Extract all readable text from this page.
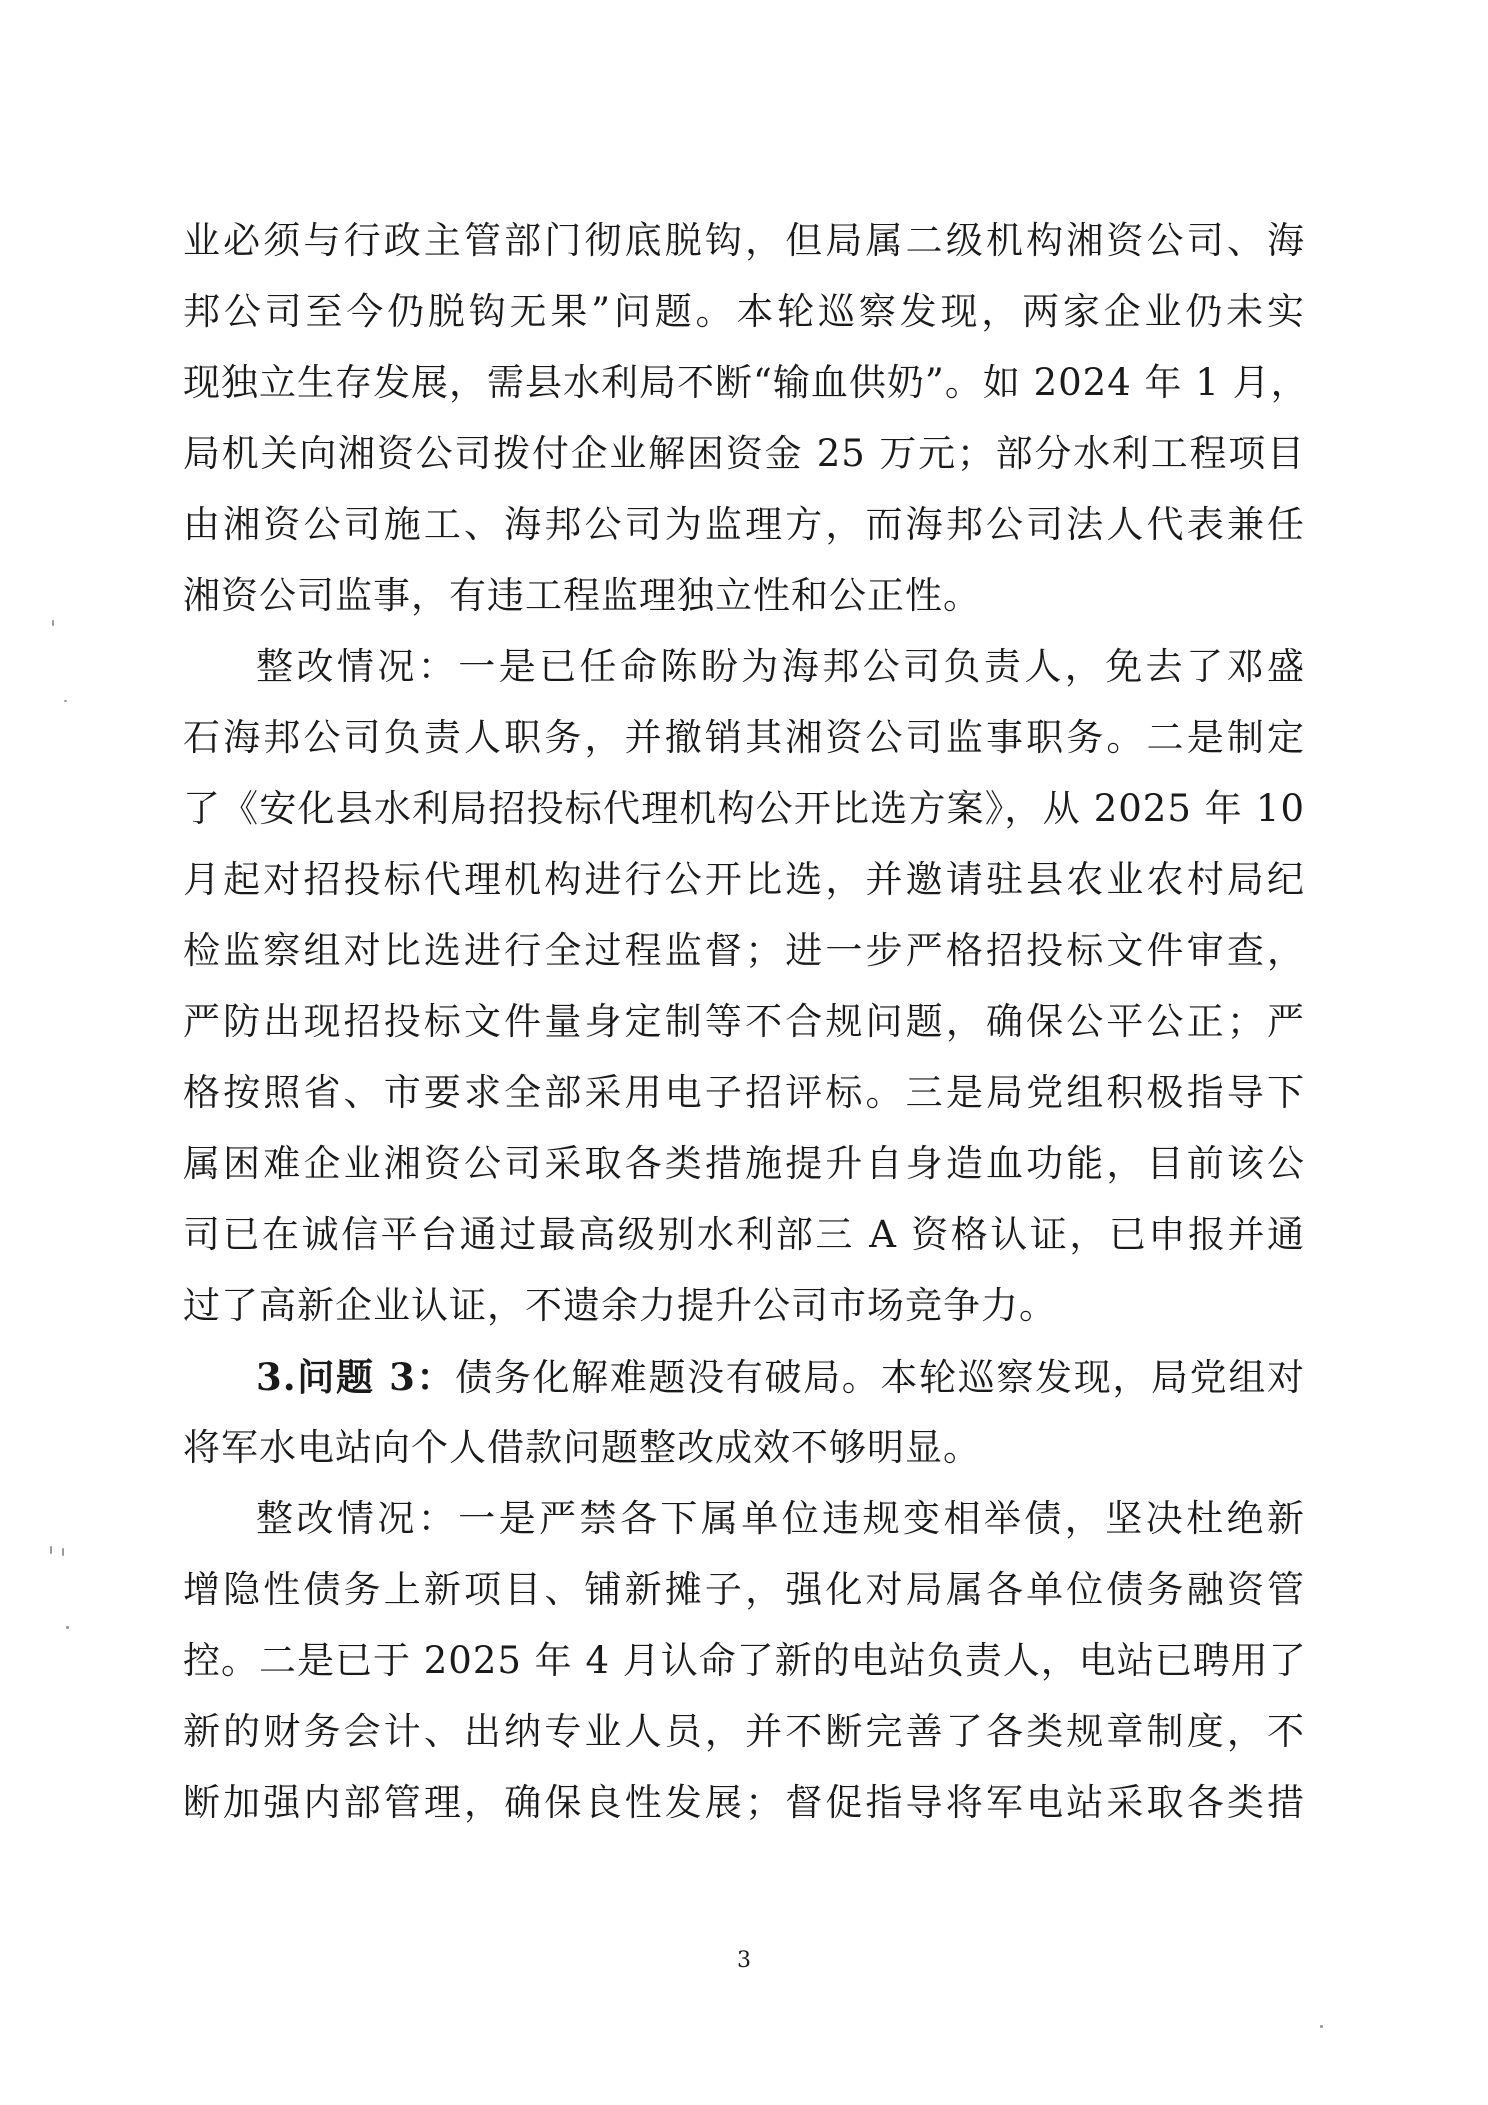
业必须与行政主管部门彻底脱钩，但局属二级机构湘资公司、海
邦公司至今仍脱钩无果”问题。本轮巡察发现，两家企业仍未实
现独立生存发展，需县水利局不断“输血供奶”。如 2024 年 1 月，
局机关向湘资公司拨付企业解困资金 25 万元；部分水利工程项目
由湘资公司施工、海邦公司为监理方，而海邦公司法人代表兼任
湘资公司监事，有违工程监理独立性和公正性。
整改情况：一是已任命陈盼为海邦公司负责人，免去了邓盛
石海邦公司负责人职务，并撤销其湘资公司监事职务。二是制定
了《安化县水利局招投标代理机构公开比选方案》，从 2025 年 10
月起对招投标代理机构进行公开比选，并邀请驻县农业农村局纪
检监察组对比选进行全过程监督；进一步严格招投标文件审查，
严防出现招投标文件量身定制等不合规问题，确保公平公正；严
格按照省、市要求全部采用电子招评标。三是局党组积极指导下
属困难企业湘资公司采取各类措施提升自身造血功能，目前该公
司已在诚信平台通过最高级别水利部三 A 资格认证，已申报并通
过了高新企业认证，不遗余力提升公司市场竞争力。
3.问题 3：债务化解难题没有破局。本轮巡察发现，局党组对
将军水电站向个人借款问题整改成效不够明显。
整改情况：一是严禁各下属单位违规变相举债，坚决杜绝新
增隐性债务上新项目、铺新摊子，强化对局属各单位债务融资管
控。二是已于 2025 年 4 月认命了新的电站负责人，电站已聘用了
新的财务会计、出纳专业人员，并不断完善了各类规章制度，不
断加强内部管理，确保良性发展；督促指导将军电站采取各类措
3
